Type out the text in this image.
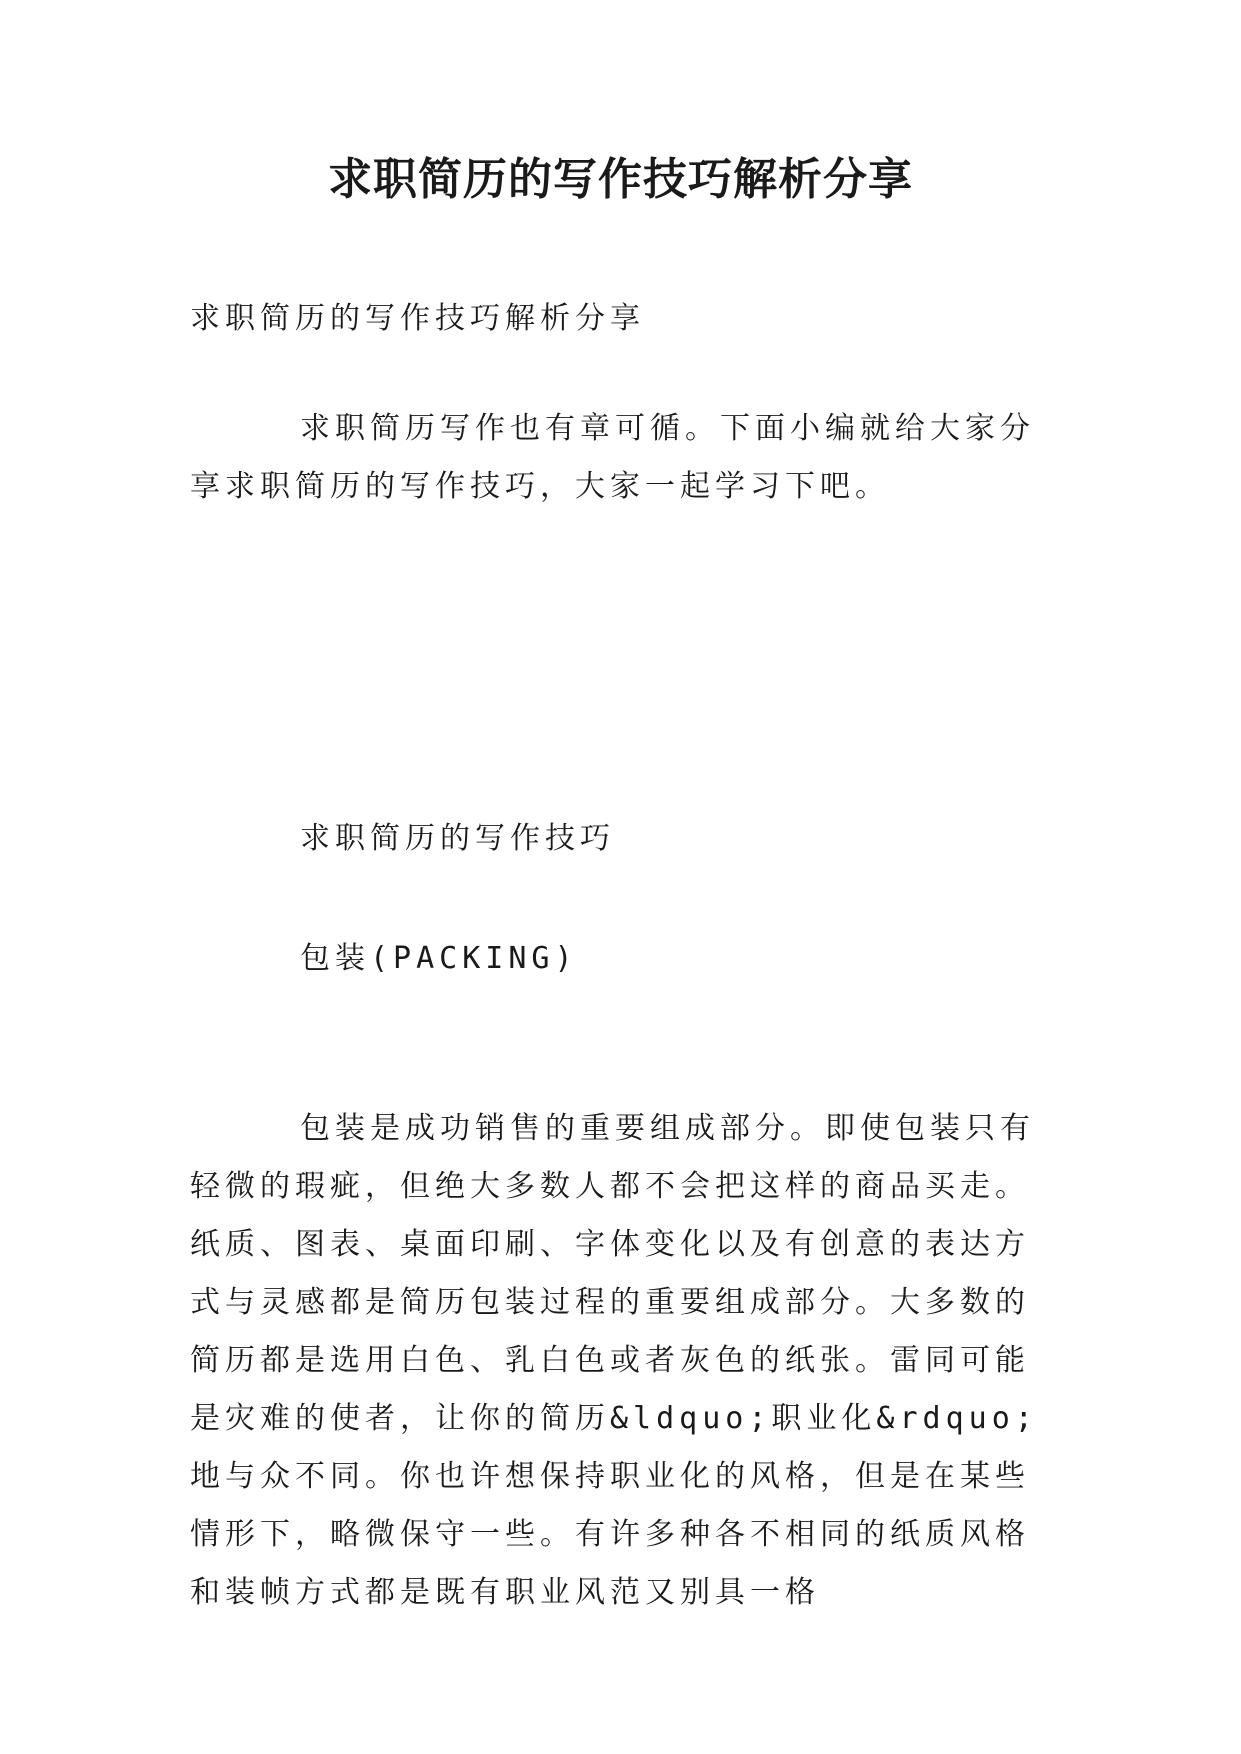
求职简历的写作技巧解析分享

求职简历的写作技巧解析分享

求职简历写作也有章可循。下面小编就给大家分享求职简历的写作技巧，大家一起学习下吧。

求职简历的写作技巧

包装(PACKING)

包装是成功销售的重要组成部分。即使包装只有轻微的瑕疵，但绝大多数人都不会把这样的商品买走。纸质、图表、桌面印刷、字体变化以及有创意的表达方式与灵感都是简历包装过程的重要组成部分。大多数的简历都是选用白色、乳白色或者灰色的纸张。雷同可能是灾难的使者，让你的简历&ldquo;职业化&rdquo;地与众不同。你也许想保持职业化的风格，但是在某些情形下，略微保守一些。有许多种各不相同的纸质风格和装帧方式都是既有职业风范又别具一格
